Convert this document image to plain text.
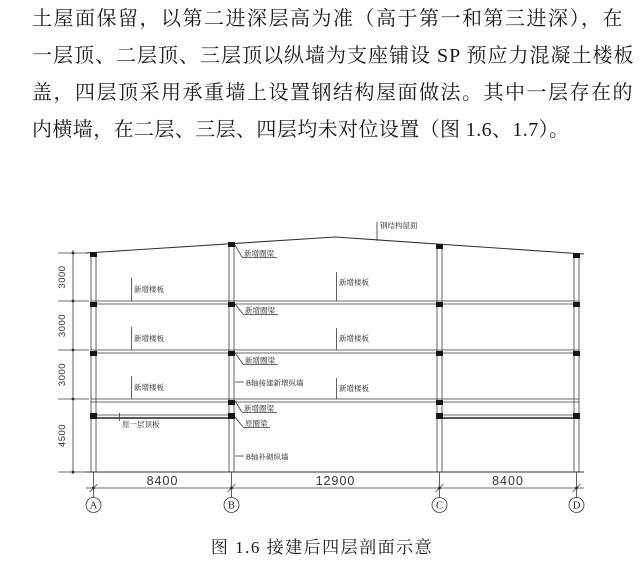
土屋面保留，以第二进深层高为准（高于第一和第三进深），在
一层顶、二层顶、三层顶以纵墙为支座铺设 SP 预应力混凝土楼板
盖，四层顶采用承重墙上设置钢结构屋面做法。其中一层存在的
内横墙，在二层、三层、四层均未对位设置（图 1.6、1.7）。
钢结构屋面
新增圈梁
新增圈梁
新增圈梁
新增圈梁
原圈梁
新增楼板
新增楼板
新增楼板
新增楼板
新增楼板
新增楼板
B轴接建新增纵墙
B轴补砌纵墙
原一层顶板
3000
3000
3000
4500
8400	12900	8400
A	B	C	D
图 1.6 接建后四层剖面示意
